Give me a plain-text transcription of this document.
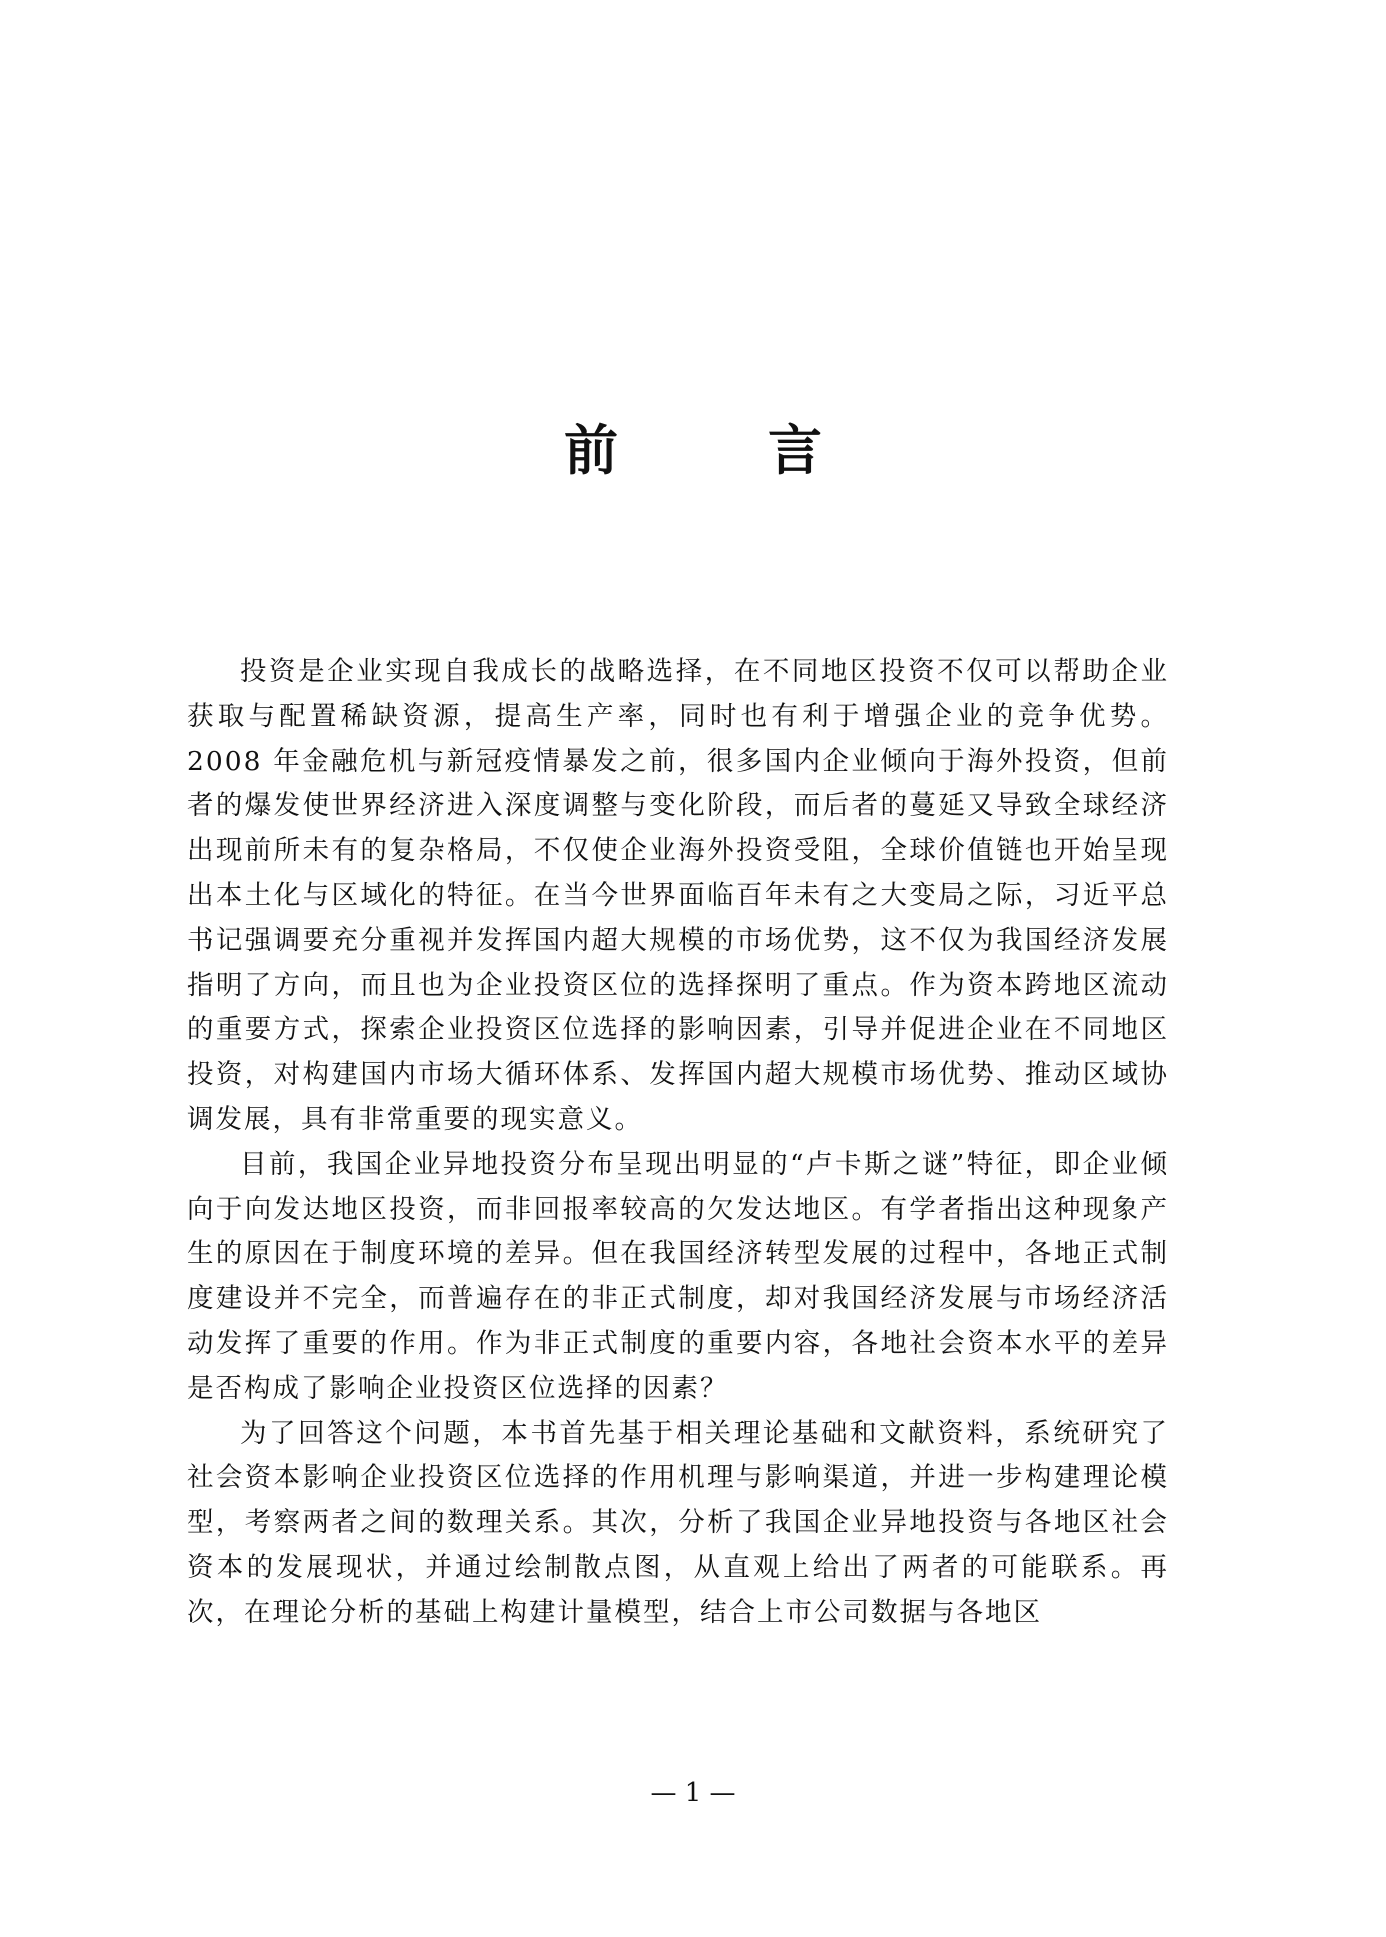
前	言

投资是企业实现自我成长的战略选择，在不同地区投资不仅可以帮助企业获取与配置稀缺资源，提高生产率，同时也有利于增强企业的竞争优势。2008 年金融危机与新冠疫情暴发之前，很多国内企业倾向于海外投资，但前者的爆发使世界经济进入深度调整与变化阶段，而后者的蔓延又导致全球经济出现前所未有的复杂格局，不仅使企业海外投资受阻，全球价值链也开始呈现出本土化与区域化的特征。在当今世界面临百年未有之大变局之际，习近平总书记强调要充分重视并发挥国内超大规模的市场优势，这不仅为我国经济发展指明了方向，而且也为企业投资区位的选择探明了重点。作为资本跨地区流动的重要方式，探索企业投资区位选择的影响因素，引导并促进企业在不同地区投资，对构建国内市场大循环体系、发挥国内超大规模市场优势、推动区域协调发展，具有非常重要的现实意义。

目前，我国企业异地投资分布呈现出明显的“卢卡斯之谜”特征，即企业倾向于向发达地区投资，而非回报率较高的欠发达地区。有学者指出这种现象产生的原因在于制度环境的差异。但在我国经济转型发展的过程中，各地正式制度建设并不完全，而普遍存在的非正式制度，却对我国经济发展与市场经济活动发挥了重要的作用。作为非正式制度的重要内容，各地社会资本水平的差异是否构成了影响企业投资区位选择的因素？

为了回答这个问题，本书首先基于相关理论基础和文献资料，系统研究了社会资本影响企业投资区位选择的作用机理与影响渠道，并进一步构建理论模型，考察两者之间的数理关系。其次，分析了我国企业异地投资与各地区社会资本的发展现状，并通过绘制散点图，从直观上给出了两者的可能联系。再次，在理论分析的基础上构建计量模型，结合上市公司数据与各地区

— 1 —
